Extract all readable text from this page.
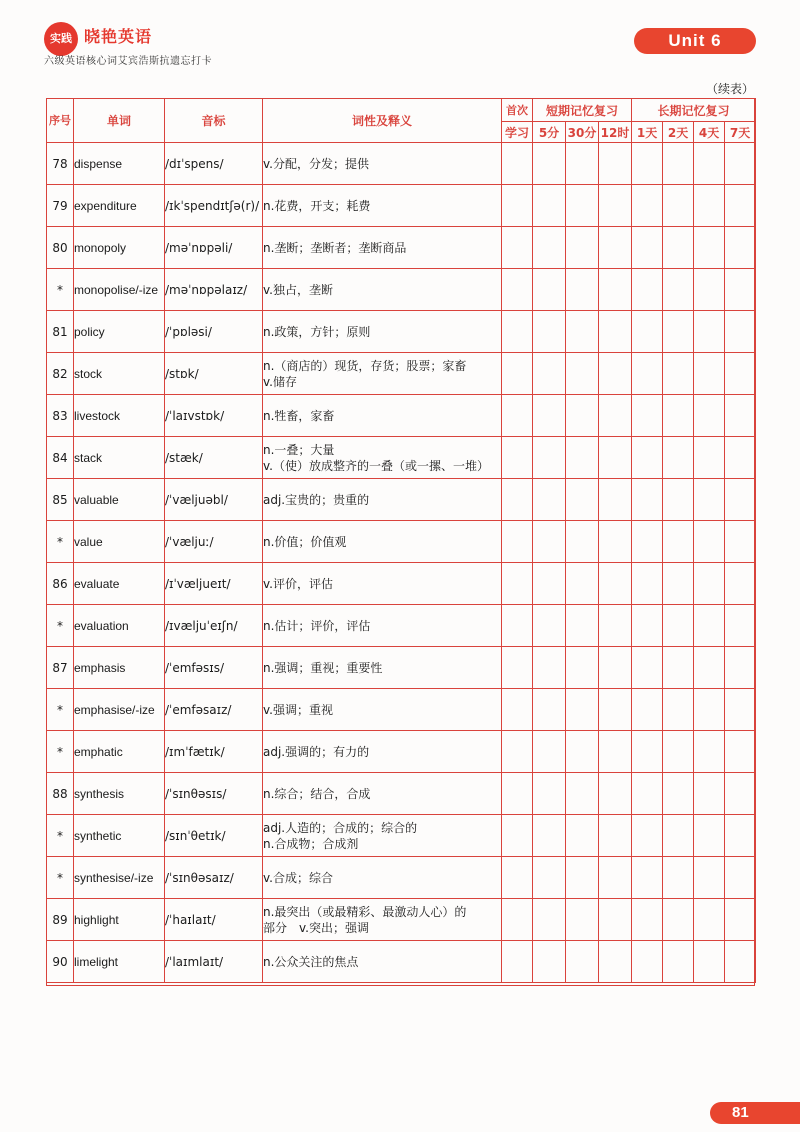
实践 晓艳英语
六级英语核心词艾宾浩斯抗遗忘打卡
Unit 6
（续表）
序号	单词	音标	词性及释义	首次	短期记忆复习			长期记忆复习			
				学习	5分	30分	12时	1天	2天	4天	7天
78	dispense	/dɪˈspens/	v.分配，分发；提供								

79	expenditure	/ɪkˈspendɪtʃə(r)/	n.花费，开支；耗费								

80	monopoly	/məˈnɒpəli/	n.垄断；垄断者；垄断商品								

*	monopolise/-ize	/məˈnɒpəlaɪz/	v.独占，垄断								

81	policy	/ˈpɒləsi/	n.政策，方针；原则								

82	stock	/stɒk/	n.（商店的）现货，存货；股票；家畜
v.储存								

83	livestock	/ˈlaɪvstɒk/	n.牲畜，家畜								

84	stack	/stæk/	n.一叠；大量
v.（使）放成整齐的一叠（或一摞、一堆）								

85	valuable	/ˈvæljuəbl/	adj.宝贵的；贵重的								

*	value	/ˈvæljuː/	n.价值；价值观								

86	evaluate	/ɪˈvæljueɪt/	v.评价，评估								

*	evaluation	/ɪvæljuˈeɪʃn/	n.估计；评价，评估								

87	emphasis	/ˈemfəsɪs/	n.强调；重视；重要性								

*	emphasise/-ize	/ˈemfəsaɪz/	v.强调；重视								

*	emphatic	/ɪmˈfætɪk/	adj.强调的；有力的								

88	synthesis	/ˈsɪnθəsɪs/	n.综合；结合，合成								

*	synthetic	/sɪnˈθetɪk/	adj.人造的；合成的；综合的
n.合成物；合成剂								

*	synthesise/-ize	/ˈsɪnθəsaɪz/	v.合成；综合								

89	highlight	/ˈhaɪlaɪt/	n.最突出（或最精彩、最激动人心）的
部分　v.突出；强调								

90	limelight	/ˈlaɪmlaɪt/	n.公众关注的焦点								

81
